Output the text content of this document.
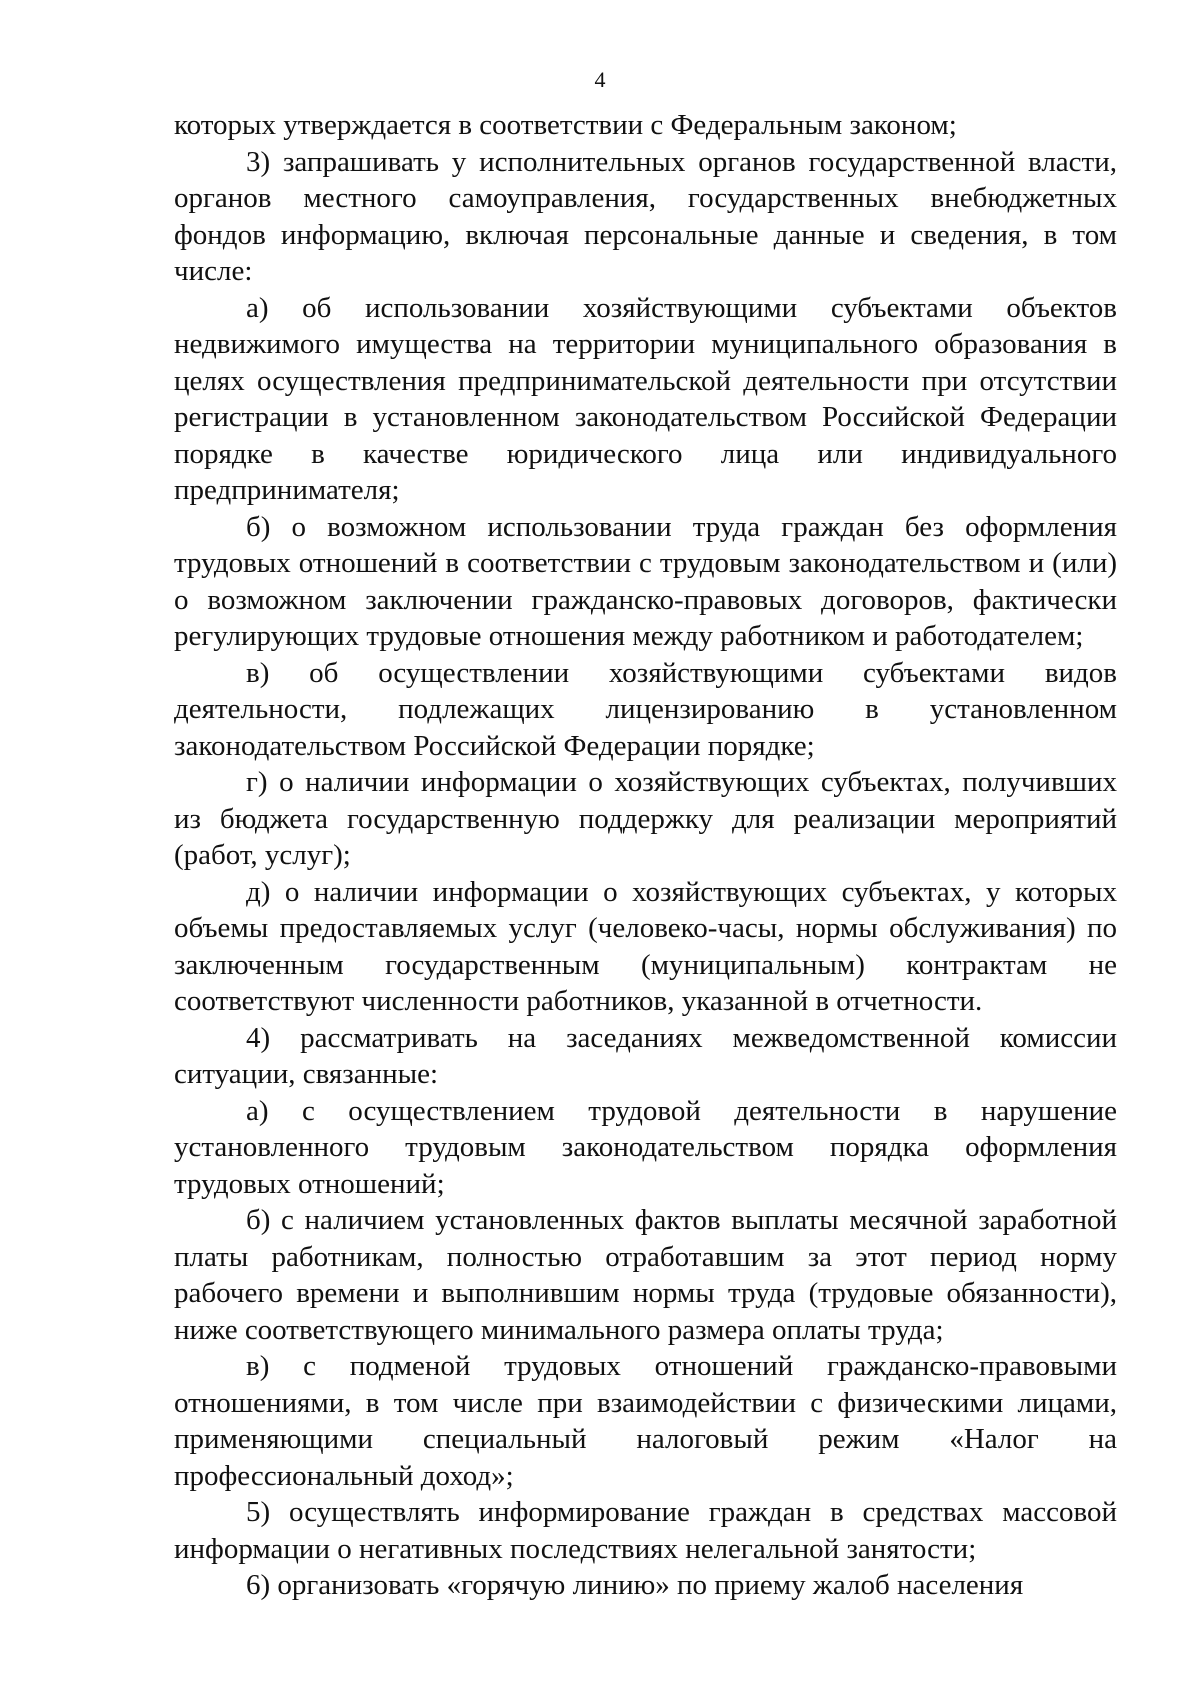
4

которых утверждается в соответствии с Федеральным законом;

3) запрашивать у исполнительных органов государственной власти, органов местного самоуправления, государственных внебюджетных фондов информацию, включая персональные данные и сведения, в том числе:

а) об использовании хозяйствующими субъектами объектов недвижимого имущества на территории муниципального образования в целях осуществления предпринимательской деятельности при отсутствии регистрации в установленном законодательством Российской Федерации порядке в качестве юридического лица или индивидуального предпринимателя;

б) о возможном использовании труда граждан без оформления трудовых отношений в соответствии с трудовым законодательством и (или) о возможном заключении гражданско-правовых договоров, фактически регулирующих трудовые отношения между работником и работодателем;

в) об осуществлении хозяйствующими субъектами видов деятельности, подлежащих лицензированию в установленном законодательством Российской Федерации порядке;

г) о наличии информации о хозяйствующих субъектах, получивших из бюджета государственную поддержку для реализации мероприятий (работ, услуг);

д) о наличии информации о хозяйствующих субъектах, у которых объемы предоставляемых услуг (человеко-часы, нормы обслуживания) по заключенным государственным (муниципальным) контрактам не соответствуют численности работников, указанной в отчетности.

4) рассматривать на заседаниях межведомственной комиссии ситуации, связанные:

а) с осуществлением трудовой деятельности в нарушение установленного трудовым законодательством порядка оформления трудовых отношений;

б) с наличием установленных фактов выплаты месячной заработной платы работникам, полностью отработавшим за этот период норму рабочего времени и выполнившим нормы труда (трудовые обязанности), ниже соответствующего минимального размера оплаты труда;

в) с подменой трудовых отношений гражданско-правовыми отношениями, в том числе при взаимодействии с физическими лицами, применяющими специальный налоговый режим «Налог на профессиональный доход»;

5) осуществлять информирование граждан в средствах массовой информации о негативных последствиях нелегальной занятости;

6) организовать «горячую линию» по приему жалоб населения
